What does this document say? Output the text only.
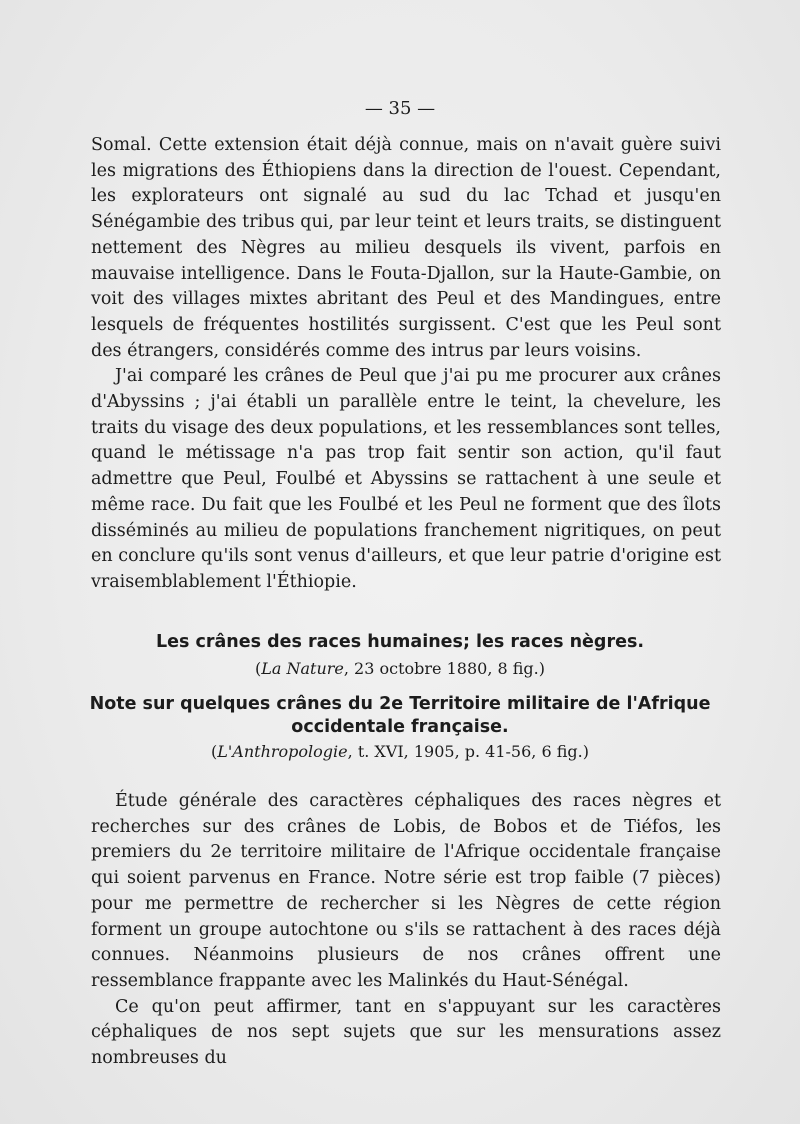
— 35 —

Somal. Cette extension était déjà connue, mais on n'avait guère suivi les migrations des Éthiopiens dans la direction de l'ouest. Cependant, les explorateurs ont signalé au sud du lac Tchad et jusqu'en Sénégambie des tribus qui, par leur teint et leurs traits, se distinguent nettement des Nègres au milieu desquels ils vivent, parfois en mauvaise intelligence. Dans le Fouta-Djallon, sur la Haute-Gambie, on voit des villages mixtes abritant des Peul et des Mandingues, entre lesquels de fréquentes hostilités surgissent. C'est que les Peul sont des étrangers, considérés comme des intrus par leurs voisins.

J'ai comparé les crânes de Peul que j'ai pu me procurer aux crânes d'Abyssins ; j'ai établi un parallèle entre le teint, la chevelure, les traits du visage des deux populations, et les ressemblances sont telles, quand le métissage n'a pas trop fait sentir son action, qu'il faut admettre que Peul, Foulbé et Abyssins se rattachent à une seule et même race. Du fait que les Foulbé et les Peul ne forment que des îlots disséminés au milieu de populations franchement nigritiques, on peut en conclure qu'ils sont venus d'ailleurs, et que leur patrie d'origine est vraisemblablement l'Éthiopie.

Les crânes des races humaines; les races nègres.
(La Nature, 23 octobre 1880, 8 fig.)
Note sur quelques crânes du 2e Territoire militaire de l'Afrique
occidentale française.
(L'Anthropologie, t. XVI, 1905, p. 41-56, 6 fig.)

Étude générale des caractères céphaliques des races nègres et recherches sur des crânes de Lobis, de Bobos et de Tiéfos, les premiers du 2e territoire militaire de l'Afrique occidentale française qui soient parvenus en France. Notre série est trop faible (7 pièces) pour me permettre de rechercher si les Nègres de cette région forment un groupe autochtone ou s'ils se rattachent à des races déjà connues. Néanmoins plusieurs de nos crânes offrent une ressemblance frappante avec les Malinkés du Haut-Sénégal.

Ce qu'on peut affirmer, tant en s'appuyant sur les caractères céphaliques de nos sept sujets que sur les mensurations assez nombreuses du
